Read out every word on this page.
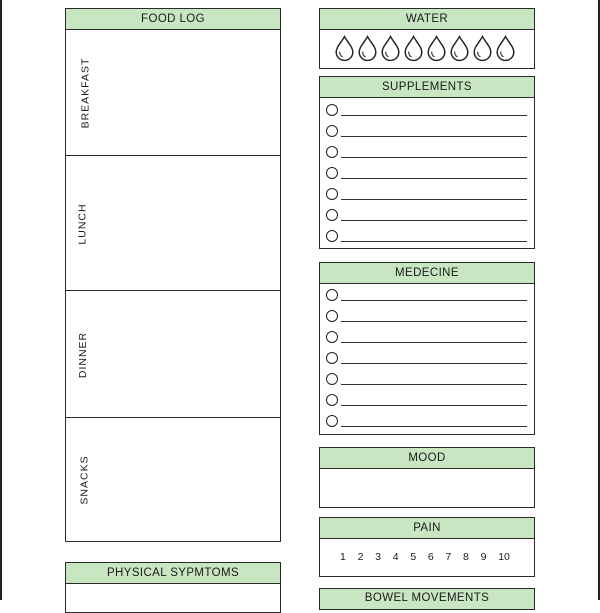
FOOD LOG
BREAKFAST
LUNCH
DINNER
SNACKS
PHYSICAL SYPMTOMS
WATER
SUPPLEMENTS
MEDECINE
MOOD
PAIN
1 2 3 4 5 6 7 8 9 10
BOWEL MOVEMENTS
